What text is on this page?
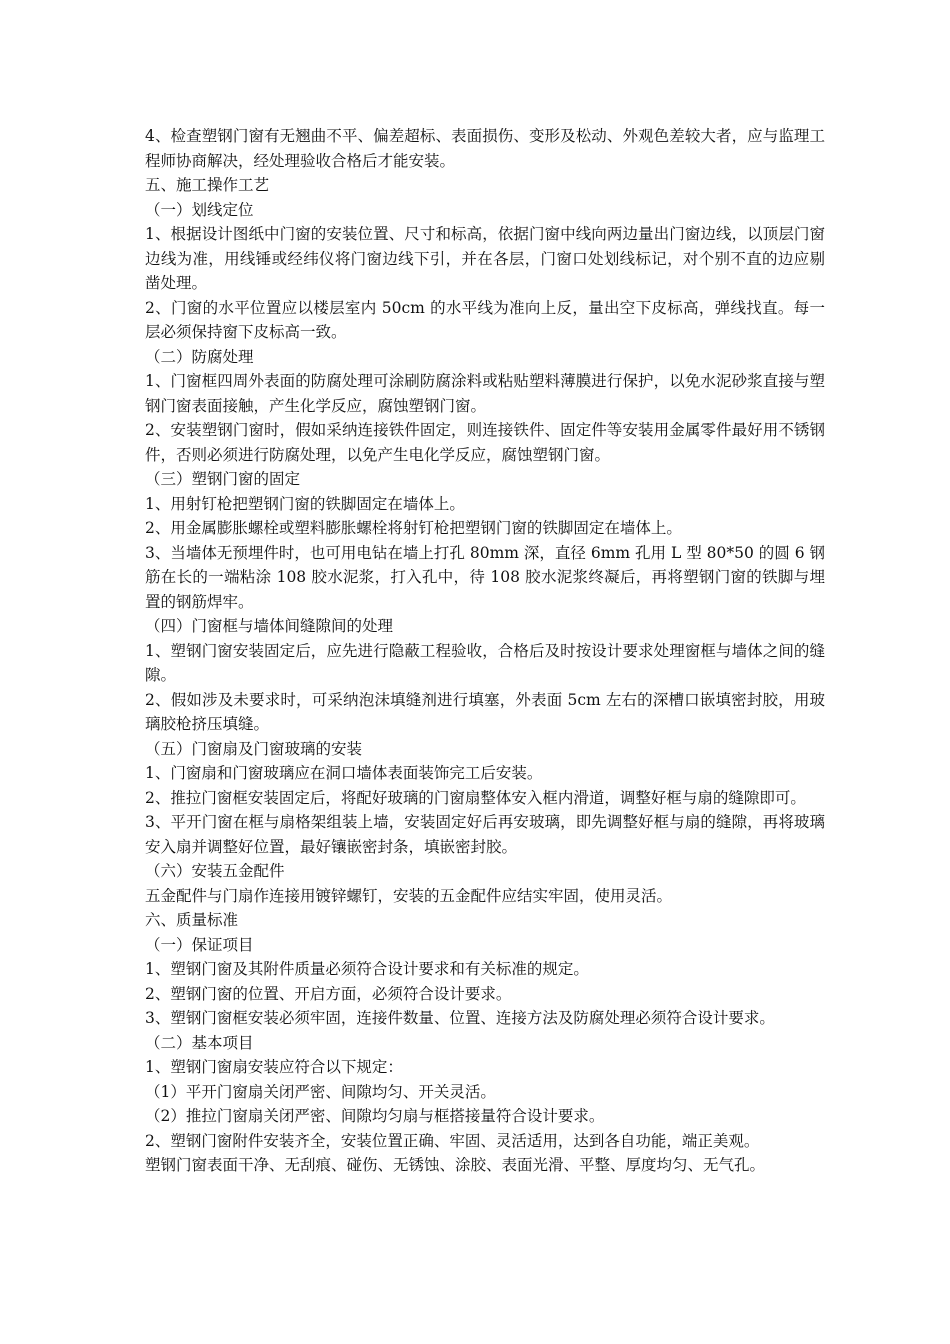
4、检查塑钢门窗有无翘曲不平、偏差超标、表面损伤、变形及松动、外观色差较大者，应与监理工程师协商解决，经处理验收合格后才能安装。

五、施工操作工艺

（一）划线定位

1、根据设计图纸中门窗的安装位置、尺寸和标高，依据门窗中线向两边量出门窗边线，以顶层门窗边线为准，用线锤或经纬仪将门窗边线下引，并在各层，门窗口处划线标记，对个别不直的边应剔凿处理。

2、门窗的水平位置应以楼层室内 50cm 的水平线为准向上反，量出空下皮标高，弹线找直。每一层必须保持窗下皮标高一致。

（二）防腐处理

1、门窗框四周外表面的防腐处理可涂刷防腐涂料或粘贴塑料薄膜进行保护，以免水泥砂浆直接与塑钢门窗表面接触，产生化学反应，腐蚀塑钢门窗。

2、安装塑钢门窗时，假如采纳连接铁件固定，则连接铁件、固定件等安装用金属零件最好用不锈钢件，否则必须进行防腐处理，以免产生电化学反应，腐蚀塑钢门窗。

（三）塑钢门窗的固定

1、用射钉枪把塑钢门窗的铁脚固定在墙体上。

2、用金属膨胀螺栓或塑料膨胀螺栓将射钉枪把塑钢门窗的铁脚固定在墙体上。

3、当墙体无预埋件时，也可用电钻在墙上打孔 80mm 深，直径 6mm 孔用 L 型 80*50 的圆 6 钢筋在长的一端粘涂 108 胶水泥浆，打入孔中，待 108 胶水泥浆终凝后，再将塑钢门窗的铁脚与埋置的钢筋焊牢。

（四）门窗框与墙体间缝隙间的处理

1、塑钢门窗安装固定后，应先进行隐蔽工程验收，合格后及时按设计要求处理窗框与墙体之间的缝隙。

2、假如涉及未要求时，可采纳泡沫填缝剂进行填塞，外表面 5cm 左右的深槽口嵌填密封胶，用玻璃胶枪挤压填缝。

（五）门窗扇及门窗玻璃的安装

1、门窗扇和门窗玻璃应在洞口墙体表面装饰完工后安装。

2、推拉门窗框安装固定后，将配好玻璃的门窗扇整体安入框内滑道，调整好框与扇的缝隙即可。

3、平开门窗在框与扇格架组装上墙，安装固定好后再安玻璃，即先调整好框与扇的缝隙，再将玻璃安入扇并调整好位置，最好镶嵌密封条，填嵌密封胶。

（六）安装五金配件

五金配件与门扇作连接用镀锌螺钉，安装的五金配件应结实牢固，使用灵活。

六、质量标准

（一）保证项目

1、塑钢门窗及其附件质量必须符合设计要求和有关标准的规定。

2、塑钢门窗的位置、开启方面，必须符合设计要求。

3、塑钢门窗框安装必须牢固，连接件数量、位置、连接方法及防腐处理必须符合设计要求。

（二）基本项目

1、塑钢门窗扇安装应符合以下规定：

（1）平开门窗扇关闭严密、间隙均匀、开关灵活。

（2）推拉门窗扇关闭严密、间隙均匀扇与框搭接量符合设计要求。

2、塑钢门窗附件安装齐全，安装位置正确、牢固、灵活适用，达到各自功能，端正美观。

塑钢门窗表面干净、无刮痕、碰伤、无锈蚀、涂胶、表面光滑、平整、厚度均匀、无气孔。
